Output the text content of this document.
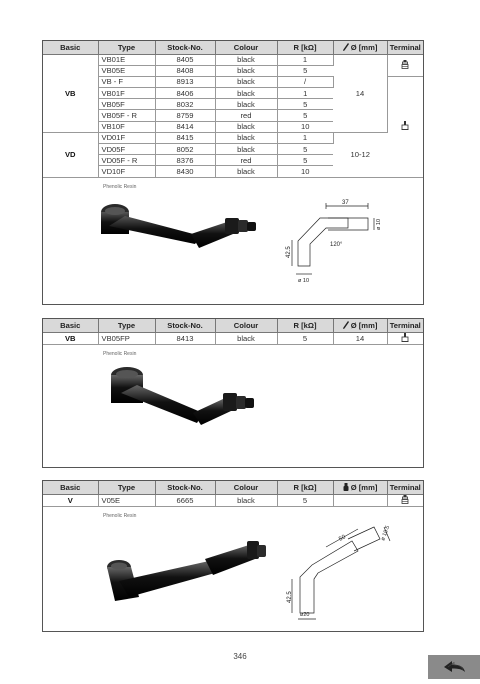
Basic	Type	Stock-No.	Colour	R [kΩ]	Ø [mm]	Terminal
VB	VB01E	8405	black	1	14	
	VB05E	8408	black	5		
	VB - F	8913	black	/	
	VB01F	8406	black	1		
	VB05F	8032	black	5		
	VB05F - R	8759	red	5		
	VB10F	8414	black	10		
VD	VD01F	8415	black	1	10-12	
	VD05F	8052	black	5		
	VD05F - R	8376	red	5		
	VD10F	8430	black	10		
Phenolic Resin
37
42.5
120°
ø 10
ø 10
Basic	Type	Stock-No.	Colour	R [kΩ]	Ø [mm]	Terminal
VB	VB05FP	8413	black	5	14	
Phenolic Resin
Basic	Type	Stock-No.	Colour	R [kΩ]	Ø [mm]	Terminal
V	V05E	6665	black	5		
Phenolic Resin
50
42.5
ø 10.5
ø20
346
